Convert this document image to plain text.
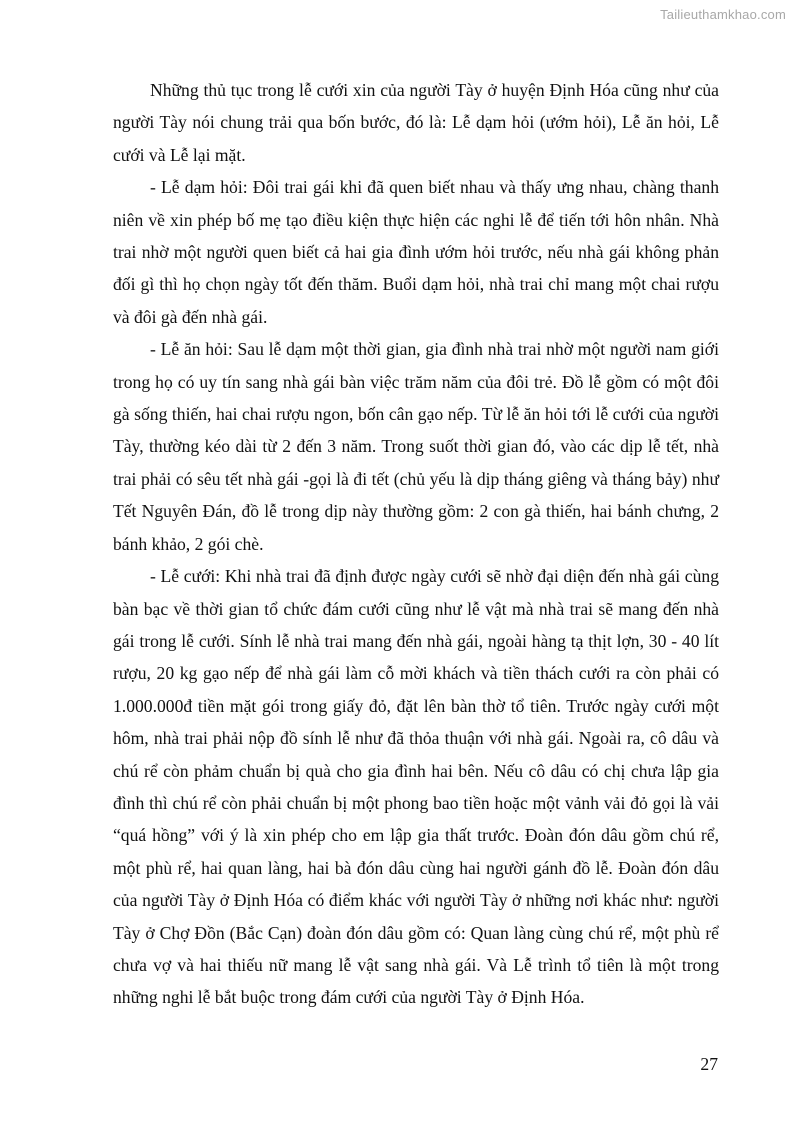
Tailieuthamkhao.com

Những thủ tục trong lễ cưới xin của người Tày ở huyện Định Hóa cũng như của người Tày nói chung trải qua bốn bước, đó là: Lễ dạm hỏi (ướm hỏi), Lễ ăn hỏi, Lễ cưới và Lễ lại mặt.

- Lễ dạm hỏi: Đôi trai gái khi đã quen biết nhau và thấy ưng nhau, chàng thanh niên về xin phép bố mẹ tạo điều kiện thực hiện các nghi lễ để tiến tới hôn nhân. Nhà trai nhờ một người quen biết cả hai gia đình ướm hỏi trước, nếu nhà gái không phản đối gì thì họ chọn ngày tốt đến thăm. Buổi dạm hỏi, nhà trai chỉ mang một chai rượu và đôi gà đến nhà gái.

- Lễ ăn hỏi: Sau lễ dạm một thời gian, gia đình nhà trai nhờ một người nam giới trong họ có uy tín sang nhà gái bàn việc trăm năm của đôi trẻ. Đồ lễ gồm có một đôi gà sống thiến, hai chai rượu ngon, bốn cân gạo nếp. Từ lễ ăn hỏi tới lễ cưới của người Tày, thường kéo dài từ 2 đến 3 năm. Trong suốt thời gian đó, vào các dịp lễ tết, nhà trai phải có sêu tết nhà gái -gọi là đi tết (chủ yếu là dịp tháng giêng và tháng bảy) như Tết Nguyên Đán, đồ lễ trong dịp này thường gồm: 2 con gà thiến, hai bánh chưng, 2 bánh khảo, 2 gói chè.

- Lễ cưới: Khi nhà trai đã định được ngày cưới sẽ nhờ đại diện đến nhà gái cùng bàn bạc về thời gian tổ chức đám cưới cũng như lễ vật mà nhà trai sẽ mang đến nhà gái trong lễ cưới. Sính lễ nhà trai mang đến nhà gái, ngoài hàng tạ thịt lợn, 30 - 40 lít rượu, 20 kg gạo nếp để nhà gái làm cỗ mời khách và tiền thách cưới ra còn phải có 1.000.000đ tiền mặt gói trong giấy đỏ, đặt lên bàn thờ tổ tiên. Trước ngày cưới một hôm, nhà trai phải nộp đồ sính lễ như đã thỏa thuận với nhà gái. Ngoài ra, cô dâu và chú rể còn phảm chuẩn bị quà cho gia đình hai bên. Nếu cô dâu có chị chưa lập gia đình thì chú rể còn phải chuẩn bị một phong bao tiền hoặc một vảnh vải đỏ gọi là vải “quá hồng” với ý là xin phép cho em lập gia thất trước. Đoàn đón dâu gồm chú rể, một phù rể, hai quan làng, hai bà đón dâu cùng hai người gánh đồ lễ. Đoàn đón dâu của người Tày ở Định Hóa có điểm khác với người Tày ở những nơi khác như: người Tày ở Chợ Đồn (Bắc Cạn) đoàn đón dâu gồm có: Quan làng cùng chú rể, một phù rể chưa vợ và hai thiếu nữ mang lễ vật sang nhà gái. Và Lễ trình tổ tiên là một trong những nghi lễ bắt buộc trong đám cưới của người Tày ở Định Hóa.

27
